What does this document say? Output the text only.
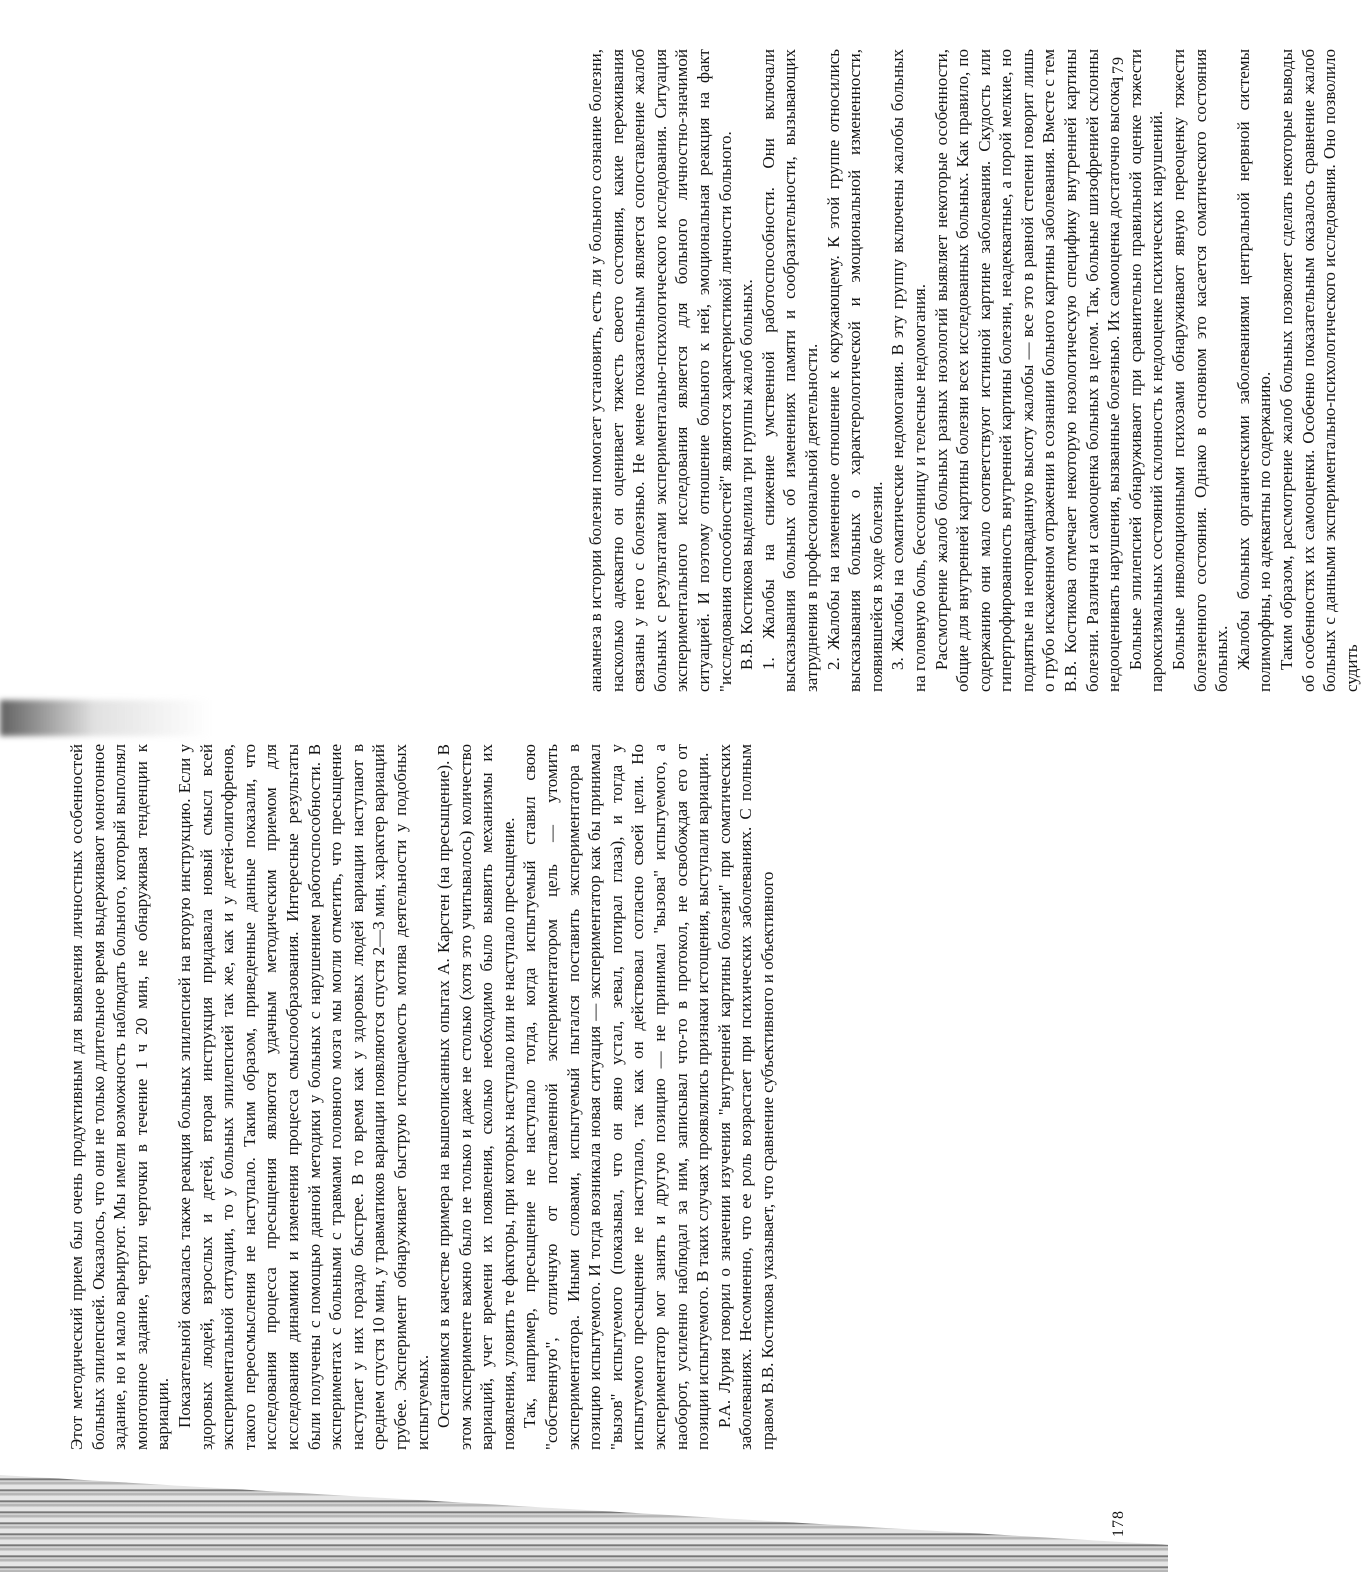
Этот методический прием был очень продуктивным для выявления личностных особенностей больных эпилепсией. Оказалось, что они не только длительное время выдерживают монотонное задание, но и мало варьируют. Мы имели возможность наблюдать больного, который выполнял монотонное задание, чертил черточки в течение 1 ч 20 мин, не обнаруживая тенденции к вариации. Показательной оказалась также реакция больных эпилепсией на вторую инструкцию. Если у здоровых людей, взрослых и детей, вторая инструкция придавала новый смысл всей экспериментальной ситуации, то у больных эпилепсией так же, как и у детей-олигофренов, такого переосмысления не наступало. Таким образом, приведенные данные показали, что исследования процесса пресыщения являются удачным методическим приемом для исследования динамики и изменения процесса смыслообразования. Интересные результаты были получены с помощью данной методики у больных с нарушением работоспособности. В экспериментах с больными с травмами головного мозга мы могли отметить, что пресыщение наступает у них гораздо быстрее. В то время как у здоровых людей вариации наступают в среднем спустя 10 мин, у травматиков вариации появляются спустя 2—3 мин, характер вариаций грубее. Эксперимент обнаруживает быструю истощаемость мотива деятельности у подобных испытуемых. Остановимся в качестве примера на вышеописанных опытах А. Карстен (на пресыщение). В этом эксперименте важно было не только и даже не столько (хотя это учитывалось) количество вариаций, учет времени их появления, сколько необходимо было выявить механизмы их появления, уловить те факторы, при которых наступало или не наступало пресыщение. Так, например, пресыщение не наступало тогда, когда испытуемый ставил свою "собственную", отличную от поставленной экспериментатором цель — утомить экспериментатора. Иными словами, испытуемый пытался поставить экспериментатора в позицию испытуемого. И тогда возникала новая ситуация — экспериментатор как бы принимал "вызов" испытуемого (показывал, что он явно устал, зевал, потирал глаза), и тогда у испытуемого пресыщение не наступало, так как он действовал согласно своей цели. Но экспериментатор мог занять и другую позицию — не принимал "вызова" испытуемого, а наоборот, усиленно наблюдал за ним, записывал что-то в протокол, не освобождая его от позиции испытуемого. В таких случаях проявлялись признаки истощения, выступали вариации. Р.А. Лурия говорил о значении изучения "внутренней картины болезни" при соматических заболеваниях. Несомненно, что ее роль возрастает при психических заболеваниях. С полным правом В.В. Костикова указывает, что сравнение субъективного и объективного

анамнеза в истории болезни помогает установить, есть ли у больного сознание болезни, насколько адекватно он оценивает тяжесть своего состояния, какие переживания связаны у него с болезнью. Не менее показательным является сопоставление жалоб больных с результатами экспериментально-психологического исследования. Ситуация экспериментального исследования является для больного личностно-значимой ситуацией. И поэтому отношение больного к ней, эмоциональная реакция на факт "исследования способностей" являются характеристикой личности больного. В.В. Костикова выделила три группы жалоб больных. 1. Жалобы на снижение умственной работоспособности. Они включали высказывания больных об изменениях памяти и сообразительности, вызывающих затруднения в профессиональной деятельности. 2. Жалобы на измененное отношение к окружающему. К этой группе относились высказывания больных о характерологической и эмоциональной измененности, появившейся в ходе болезни. 3. Жалобы на соматические недомогания. В эту группу включены жалобы больных на головную боль, бессонницу и телесные недомогания. Рассмотрение жалоб больных разных нозологий выявляет некоторые особенности, общие для внутренней картины болезни всех исследованных больных. Как правило, по содержанию они мало соответствуют истинной картине заболевания. Скудость или гипертрофированность внутренней картины болезни, неадекватные, а порой мелкие, но поднятые на неоправданную высоту жалобы — все это в равной степени говорит лишь о грубо искаженном отражении в сознании больного картины заболевания. Вместе с тем В.В. Костикова отмечает некоторую нозологическую специфику внутренней картины болезни. Различна и самооценка больных в целом. Так, больные шизофренией склонны недооценивать нарушения, вызванные болезнью. Их самооценка достаточно высока. Больные эпилепсией обнаруживают при сравнительно правильной оценке тяжести пароксизмальных состояний склонность к недооценке психических нарушений. Больные инволюционными психозами обнаруживают явную переоценку тяжести болезненного состояния. Однако в основном это касается соматического состояния больных. Жалобы больных органическими заболеваниями центральной нервной системы полиморфны, но адекватны по содержанию. Таким образом, рассмотрение жалоб больных позволяет сделать некоторые выводы об особенностях их самооценки. Особенно показательным оказалось сравнение жалоб больных с данными экспериментально-психологического исследования. Оно позволило судить

178
179
